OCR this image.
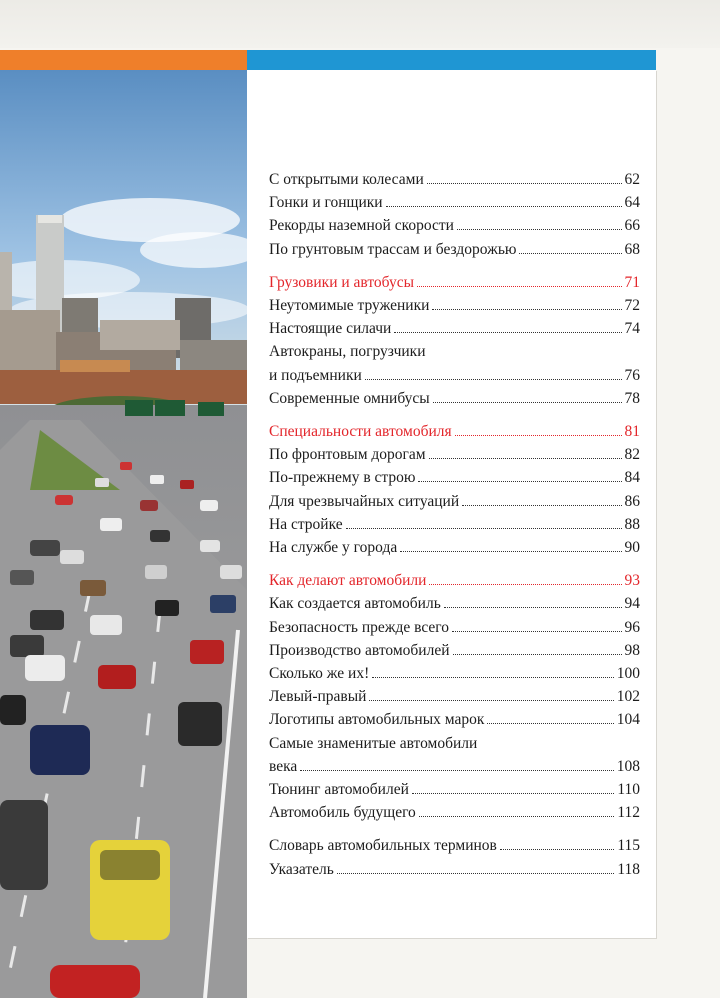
С открытыми колесами	62
Гонки и гонщики	64
Рекорды наземной скорости	66
По грунтовым трассам и бездорожью	68
Грузовики и автобусы	71
Неутомимые труженики	72
Настоящие силачи	74
Автокраны, погрузчики
и подъемники	76
Современные омнибусы	78
Специальности автомобиля	81
По фронтовым дорогам	82
По-прежнему в строю	84
Для чрезвычайных ситуаций	86
На стройке	88
На службе у города	90
Как делают автомобили	93
Как создается автомобиль	94
Безопасность прежде всего	96
Производство автомобилей	98
Сколько же их!	100
Левый-правый	102
Логотипы автомобильных марок	104
Самые знаменитые автомобили
века	108
Тюнинг автомобилей	110
Автомобиль будущего	112
Словарь автомобильных терминов	115
Указатель	118
